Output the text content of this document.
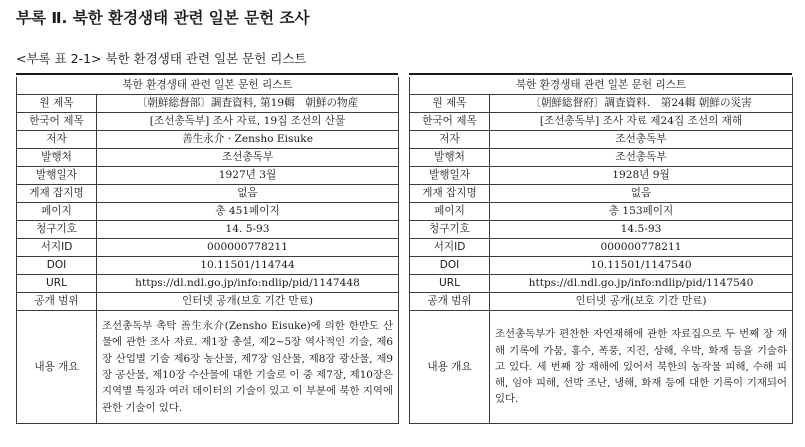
부록 Ⅱ. 북한 환경생태 관련 일본 문헌 조사
<부록 표 2-1> 북한 환경생태 관련 일본 문헌 리스트
북한 환경생태 관련 일본 문헌 리스트	
원 제목	〔朝鮮総督部〕調査資料, 第19輯　朝鮮の物産
한국어 제목	[조선총독부] 조사 자료, 19집 조선의 산물
저자	善生永介 · Zensho Eisuke
발행처	조선총독부
발행일자	1927년 3월
게재 잡지명	없음
페이지	총 451페이지
청구기호	14. 5-93
서지ID	000000778211
DOI	10.11501/114744
URL	https://dl.ndl.go.jp/info:ndlip/pid/1147448
공개 범위	인터넷 공개(보호 기간 만료)
내용 개요	조선총독부 촉탁 善生永介(Zensho Eisuke)에 의한 한반도 산물에 관한 조사 자료. 제1장 총설, 제2~5장 역사적인 기술, 제6장 산업별 기술 제6장 농산물, 제7장 임산물, 제8장 광산물, 제9장 공산물, 제10장 수산물에 대한 기술로 이 중 제7장, 제10장은 지역별 특징과 여러 데이터의 기술이 있고 이 부분에 북한 지역에 관한 기술이 있다.
북한 환경생태 관련 일본 문헌 리스트	
원 제목	〔朝鮮総督府〕調査資料.　第24輯 朝鮮の災害
한국어 제목	[조선총독부] 조사 자료 제24집 조선의 재해
저자	조선총독부
발행처	조선총독부
발행일자	1928년 9월
게재 잡지명	없음
페이지	총 153페이지
청구기호	14.5-93
서지ID	000000778211
DOI	10.11501/1147540
URL	https://dl.ndl.go.jp/info:ndlip/pid/1147540
공개 범위	인터넷 공개(보호 기간 만료)
내용 개요	조선총독부가 편찬한 자연재해에 관한 자료집으로 두 번째 장 재해 기록에 가뭄, 홍수, 폭풍, 지진, 상해, 우박, 화재 등을 기술하고 있다. 세 번째 장 재해에 있어서 북한의 농작물 피해, 수해 피해, 임야 피해, 선박 조난, 냉해, 화재 등에 대한 기록이 기재되어 있다.
